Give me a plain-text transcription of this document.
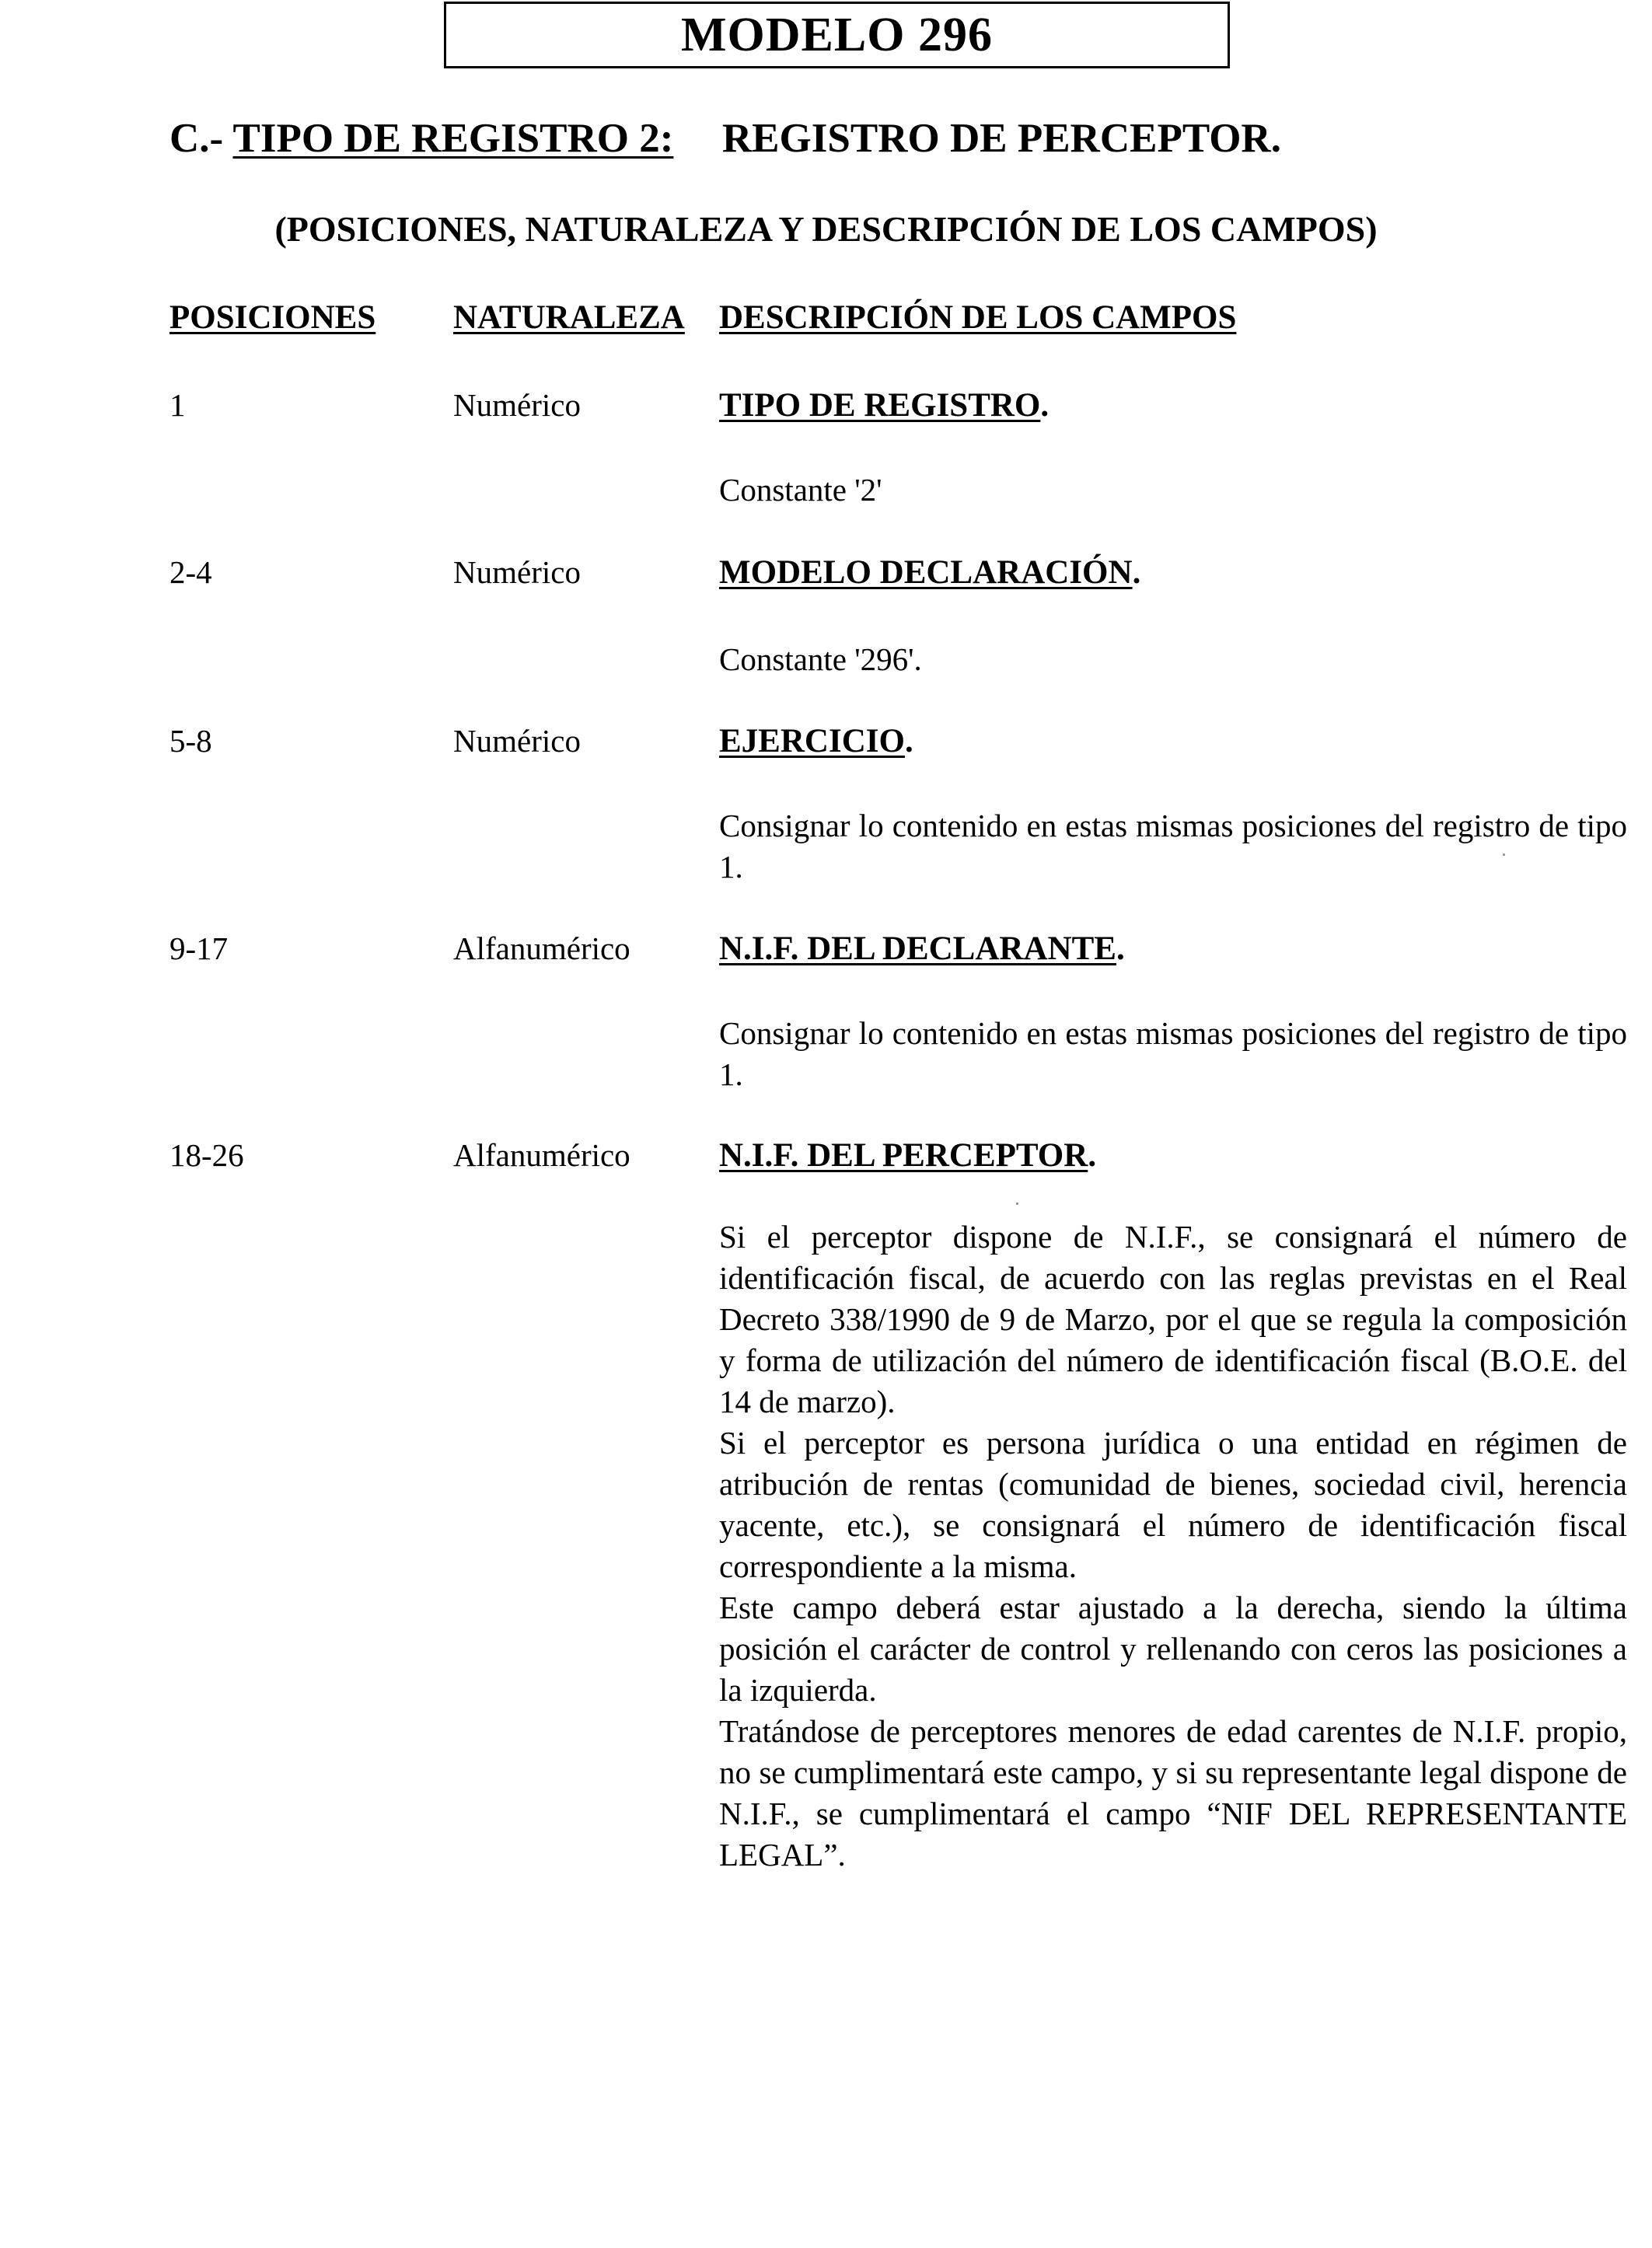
MODELO 296
C.- TIPO DE REGISTRO 2: REGISTRO DE PERCEPTOR.
(POSICIONES, NATURALEZA Y DESCRIPCIÓN DE LOS CAMPOS)
POSICIONES NATURALEZA DESCRIPCIÓN DE LOS CAMPOS
1	Numérico	TIPO DE REGISTRO.

Constante '2'

2-4	Numérico	MODELO DECLARACIÓN.

Constante '296'.

5-8	Numérico	EJERCICIO.

Consignar lo contenido en estas mismas posiciones del registro de tipo 1.

9-17	Alfanumérico	N.I.F. DEL DECLARANTE.

Consignar lo contenido en estas mismas posiciones del registro de tipo 1.

18-26	Alfanumérico	N.I.F. DEL PERCEPTOR.

Si el perceptor dispone de N.I.F., se consignará el número de identificación fiscal, de acuerdo con las reglas previstas en el Real Decreto 338/1990 de 9 de Marzo, por el que se regula la composición y forma de utilización del número de identificación fiscal (B.O.E. del 14 de marzo).

Si el perceptor es persona jurídica o una entidad en régimen de atribución de rentas (comunidad de bienes, sociedad civil, herencia yacente, etc.), se consignará el número de identificación fiscal correspondiente a la misma.

Este campo deberá estar ajustado a la derecha, siendo la última posición el carácter de control y rellenando con ceros las posiciones a la izquierda.

Tratándose de perceptores menores de edad carentes de N.I.F. propio, no se cumplimentará este campo, y si su representante legal dispone de N.I.F., se cumplimentará el campo “NIF DEL REPRESENTANTE LEGAL”.
